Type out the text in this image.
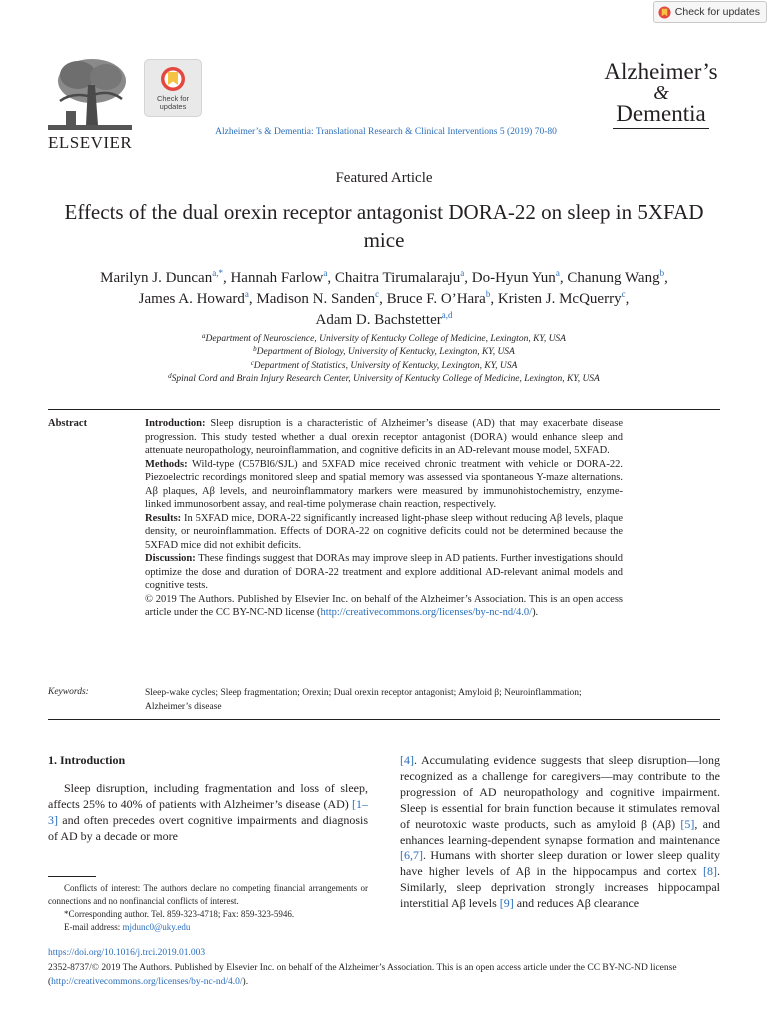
Check for updates
ELSEVIER
Check for
updates
Alzheimer’s & Dementia: Translational Research & Clinical Interventions 5 (2019) 70-80
Alzheimer’s
&
Dementia
Featured Article
Effects of the dual orexin receptor antagonist DORA-22 on sleep in 5XFAD mice
Marilyn J. Duncan$^{a,*}$, Hannah Farlow$^a$, Chaitra Tirumalaraju$^a$, Do-Hyun Yun$^a$, Chanung Wang$^b$,
James A. Howard$^a$, Madison N. Sanden$^c$, Bruce F. O’Hara$^b$, Kristen J. McQuerry$^c$,
Adam D. Bachstetter$^{a,d}$
$^a$Department of Neuroscience, University of Kentucky College of Medicine, Lexington, KY, USA
$^b$Department of Biology, University of Kentucky, Lexington, KY, USA
$^c$Department of Statistics, University of Kentucky, Lexington, KY, USA
$^d$Spinal Cord and Brain Injury Research Center, University of Kentucky College of Medicine, Lexington, KY, USA
Abstract	Introduction: Sleep disruption is a characteristic of Alzheimer’s disease (AD) that may exacerbate disease progression. This study tested whether a dual orexin receptor antagonist (DORA) would enhance sleep and attenuate neuropathology, neuroinflammation, and cognitive deficits in an AD-relevant mouse model, 5XFAD.

Methods: Wild-type (C57Bl6/SJL) and 5XFAD mice received chronic treatment with vehicle or DORA-22. Piezoelectric recordings monitored sleep and spatial memory was assessed via spontaneous Y-maze alternations. Aβ plaques, Aβ levels, and neuroinflammatory markers were measured by immunohistochemistry, enzyme-linked immunosorbent assay, and real-time polymerase chain reaction, respectively.

Results: In 5XFAD mice, DORA-22 significantly increased light-phase sleep without reducing Aβ levels, plaque density, or neuroinflammation. Effects of DORA-22 on cognitive deficits could not be determined because the 5XFAD mice did not exhibit deficits.

Discussion: These findings suggest that DORAs may improve sleep in AD patients. Further investigations should optimize the dose and duration of DORA-22 treatment and explore additional AD-relevant animal models and cognitive tests.

© 2019 The Authors. Published by Elsevier Inc. on behalf of the Alzheimer’s Association. This is an open access article under the CC BY-NC-ND license (http://creativecommons.org/licenses/by-nc-nd/4.0/).

Keywords:	Sleep-wake cycles; Sleep fragmentation; Orexin; Dual orexin receptor antagonist; Amyloid β; Neuroinflammation; Alzheimer’s disease

1. Introduction

Sleep disruption, including fragmentation and loss of sleep, affects 25% to 40% of patients with Alzheimer’s disease (AD) [1–3] and often precedes overt cognitive impairments and diagnosis of AD by a decade or more

Conflicts of interest: The authors declare no competing financial arrangements or connections and no nonfinancial conflicts of interest.

*Corresponding author. Tel. 859-323-4718; Fax: 859-323-5946.

E-mail address: mjdunc0@uky.edu

[4]. Accumulating evidence suggests that sleep disruption—long recognized as a challenge for caregivers—may contribute to the progression of AD neuropathology and cognitive impairment. Sleep is essential for brain function because it stimulates removal of neurotoxic waste products, such as amyloid β (Aβ) [5], and enhances learning-dependent synapse formation and maintenance [6,7]. Humans with shorter sleep duration or lower sleep quality have higher levels of Aβ in the hippocampus and cortex [8]. Similarly, sleep deprivation strongly increases hippocampal interstitial Aβ levels [9] and reduces Aβ clearance

https://doi.org/10.1016/j.trci.2019.01.003
2352-8737/© 2019 The Authors. Published by Elsevier Inc. on behalf of the Alzheimer’s Association. This is an open access article under the CC BY-NC-ND license (http://creativecommons.org/licenses/by-nc-nd/4.0/).
